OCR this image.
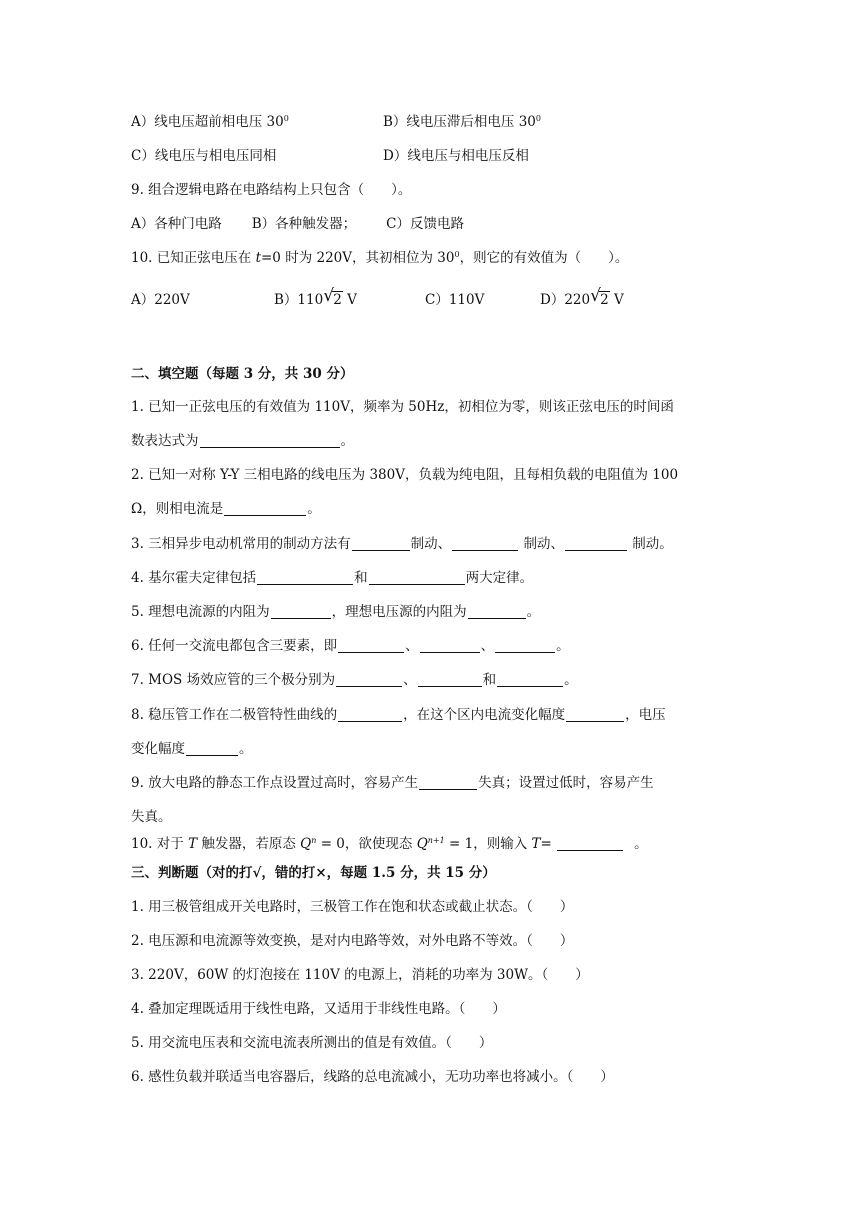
A）线电压超前相电压 $30^0$	B）线电压滞后相电压 $30^0$
C）线电压与相电压同相	D）线电压与相电压反相
9. 组合逻辑电路在电路结构上只包含（　　）。
A）各种门电路 B）各种触发器； C）反馈电路
10. 已知正弦电压在 t=0 时为 220V，其初相位为 $30^0$，则它的有效值为（　　）。
A）220V	B）110 √ 2 V	C）110V	D）220 √ 2 V
二、填空题（每题 3 分，共 30 分）
1. 已知一正弦电压的有效值为 110V，频率为 50Hz，初相位为零，则该正弦电压的时间函
数表达式为	。
2. 已知一对称 Y-Y 三相电路的线电压为 380V，负载为纯电阻，且每相负载的电阻值为 100
Ω，则相电流是	。
3. 三相异步电动机常用的制动方法有	制动、	制动、	制动。
4. 基尔霍夫定律包括	和	两大定律。
5. 理想电流源的内阻为	，理想电压源的内阻为	。
6. 任何一交流电都包含三要素，即	、	、	。
7. MOS 场效应管的三个极分别为	、	和	。
8. 稳压管工作在二极管特性曲线的	，在这个区内电流变化幅度	，电压
变化幅度	。
9. 放大电路的静态工作点设置过高时，容易产生	失真；设置过低时，容易产生
失真。
10. 对于 T 触发器，若原态 $Q^n = 0$，欲使现态 $Q^{n+1} = 1$，则输入 T=	。
三、判断题（对的打√，错的打×，每题 1.5 分，共 15 分）
1. 用三极管组成开关电路时，三极管工作在饱和状态或截止状态。（　　）
2. 电压源和电流源等效变换，是对内电路等效，对外电路不等效。（　　）
3. 220V，60W 的灯泡接在 110V 的电源上，消耗的功率为 30W。（　　）
4. 叠加定理既适用于线性电路，又适用于非线性电路。（　　）
5. 用交流电压表和交流电流表所测出的值是有效值。（　　）
6. 感性负载并联适当电容器后，线路的总电流减小，无功功率也将减小。（　　）
